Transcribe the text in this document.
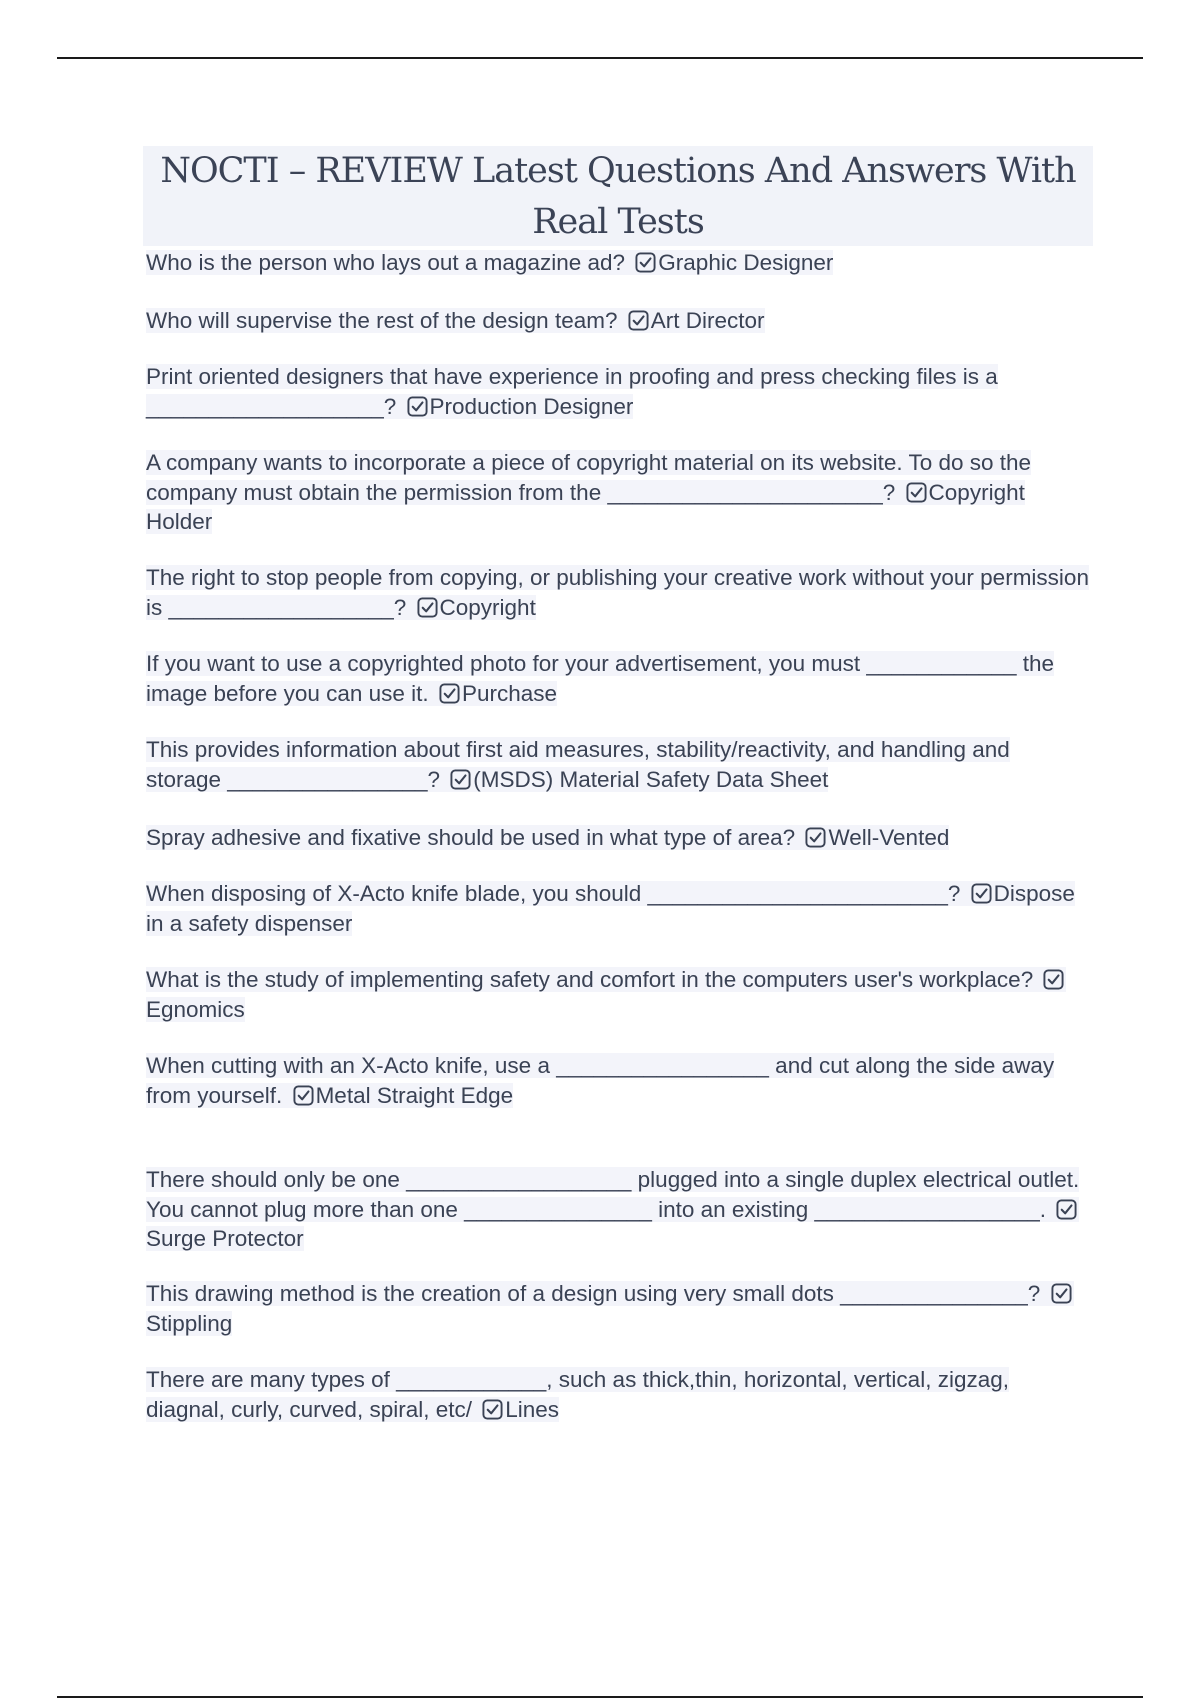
NOCTI – REVIEW Latest Questions And Answers With Real Tests

Who is the person who lays out a magazine ad? Graphic Designer

Who will supervise the rest of the design team? Art Director

Print oriented designers that have experience in proofing and press checking files is a ___________________? Production Designer

A company wants to incorporate a piece of copyright material on its website. To do so the company must obtain the permission from the ______________________? Copyright Holder

The right to stop people from copying, or publishing your creative work without your permission is __________________? Copyright

If you want to use a copyrighted photo for your advertisement, you must ____________ the image before you can use it. Purchase

This provides information about first aid measures, stability/reactivity, and handling and storage ________________? (MSDS) Material Safety Data Sheet

Spray adhesive and fixative should be used in what type of area? Well-Vented

When disposing of X-Acto knife blade, you should ________________________? Dispose in a safety dispenser

What is the study of implementing safety and comfort in the computers user's workplace?
Egnomics

When cutting with an X-Acto knife, use a _________________ and cut along the side away from yourself. Metal Straight Edge

There should only be one __________________ plugged into a single duplex electrical outlet. You cannot plug more than one _______________ into an existing __________________.
Surge Protector

This drawing method is the creation of a design using very small dots _______________?
Stippling

There are many types of ____________, such as thick,thin, horizontal, vertical, zigzag, diagnal, curly, curved, spiral, etc/ Lines
